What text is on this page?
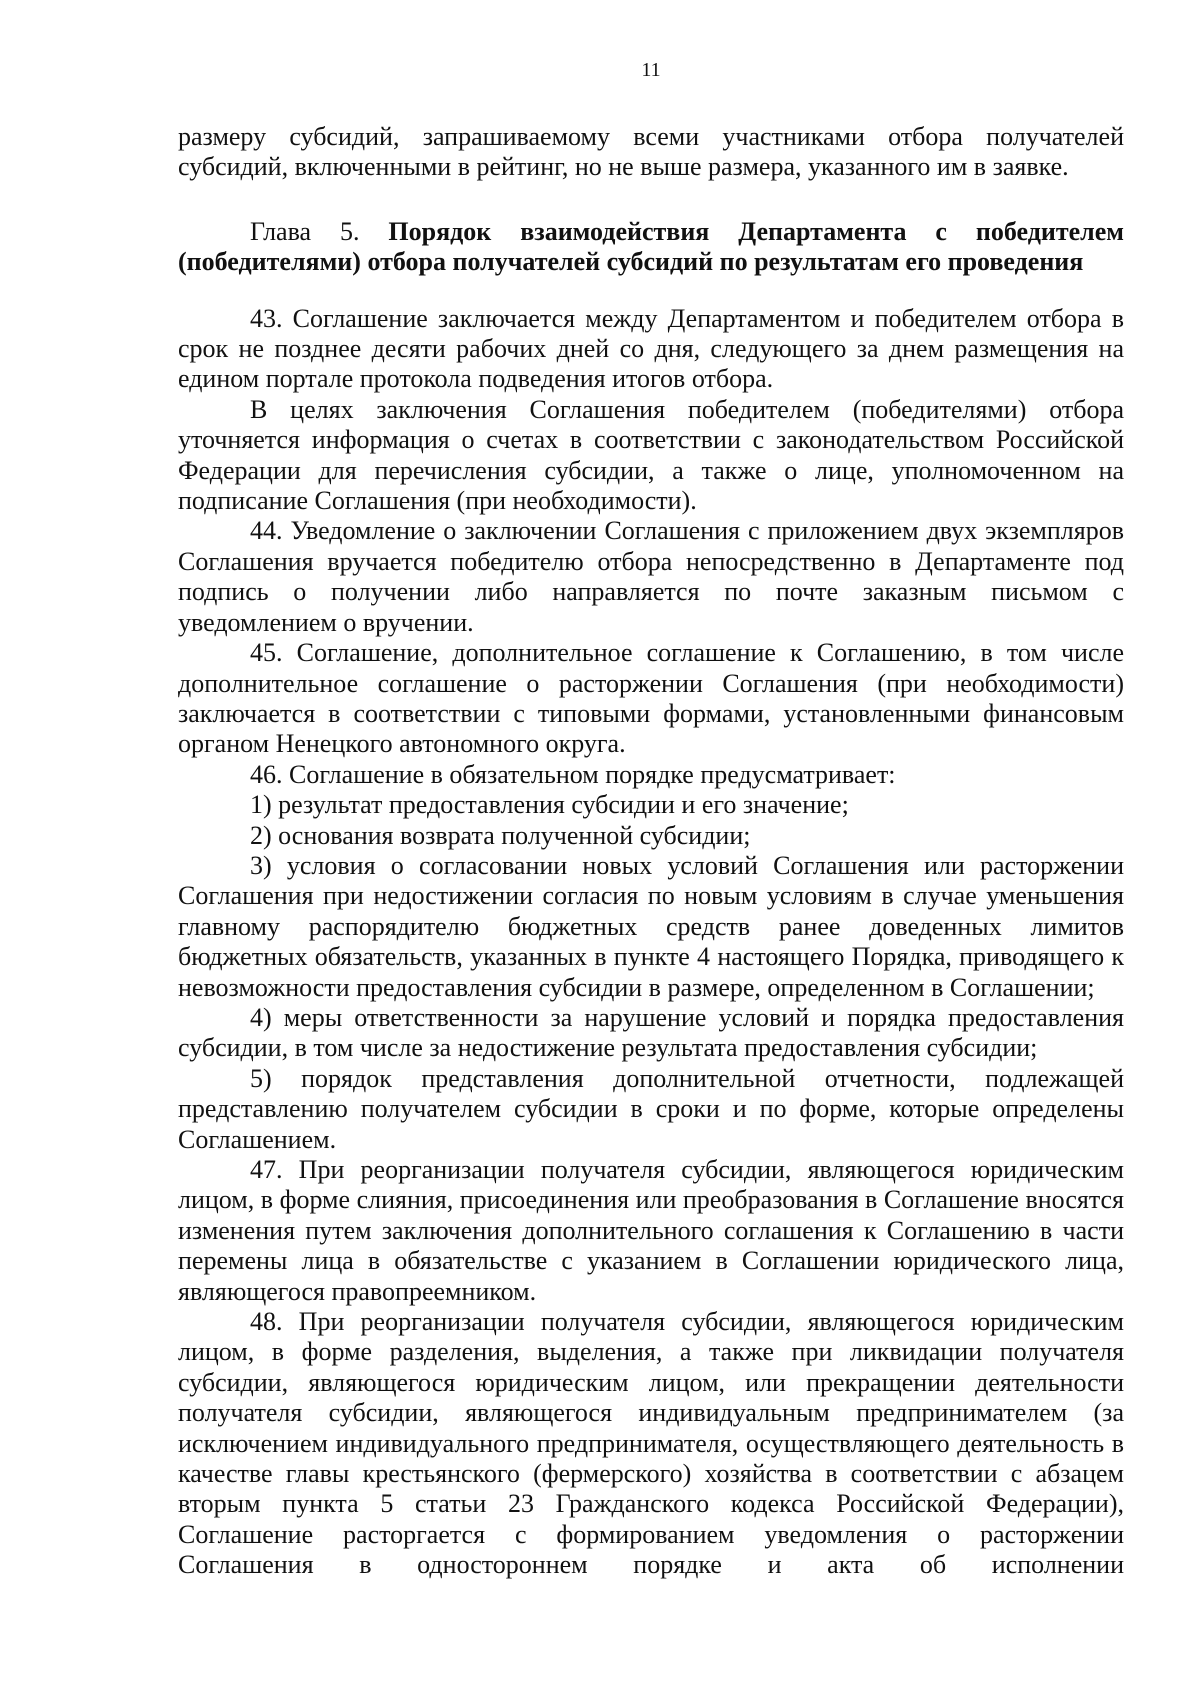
11

размеру субсидий, запрашиваемому всеми участниками отбора получателей субсидий, включенными в рейтинг, но не выше размера, указанного им в заявке.

Глава 5. Порядок взаимодействия Департамента с победителем (победителями) отбора получателей субсидий по результатам его проведения

43. Соглашение заключается между Департаментом и победителем отбора в срок не позднее десяти рабочих дней со дня, следующего за днем размещения на едином портале протокола подведения итогов отбора.

В целях заключения Соглашения победителем (победителями) отбора уточняется информация о счетах в соответствии с законодательством Российской Федерации для перечисления субсидии, а также о лице, уполномоченном на подписание Соглашения (при необходимости).

44. Уведомление о заключении Соглашения с приложением двух экземпляров Соглашения вручается победителю отбора непосредственно в Департаменте под подпись о получении либо направляется по почте заказным письмом с уведомлением о вручении.

45. Соглашение, дополнительное соглашение к Соглашению, в том числе дополнительное соглашение о расторжении Соглашения (при необходимости) заключается в соответствии с типовыми формами, установленными финансовым органом Ненецкого автономного округа.

46. Соглашение в обязательном порядке предусматривает:

1) результат предоставления субсидии и его значение;

2) основания возврата полученной субсидии;

3) условия о согласовании новых условий Соглашения или расторжении Соглашения при недостижении согласия по новым условиям в случае уменьшения главному распорядителю бюджетных средств ранее доведенных лимитов бюджетных обязательств, указанных в пункте 4 настоящего Порядка, приводящего к невозможности предоставления субсидии в размере, определенном в Соглашении;

4) меры ответственности за нарушение условий и порядка предоставления субсидии, в том числе за недостижение результата предоставления субсидии;

5) порядок представления дополнительной отчетности, подлежащей представлению получателем субсидии в сроки и по форме, которые определены Соглашением.

47. При реорганизации получателя субсидии, являющегося юридическим лицом, в форме слияния, присоединения или преобразования в Соглашение вносятся изменения путем заключения дополнительного соглашения к Соглашению в части перемены лица в обязательстве с указанием в Соглашении юридического лица, являющегося правопреемником.

48. При реорганизации получателя субсидии, являющегося юридическим лицом, в форме разделения, выделения, а также при ликвидации получателя субсидии, являющегося юридическим лицом, или прекращении деятельности получателя субсидии, являющегося индивидуальным предпринимателем (за исключением индивидуального предпринимателя, осуществляющего деятельность в качестве главы крестьянского (фермерского) хозяйства в соответствии с абзацем вторым пункта 5 статьи 23 Гражданского кодекса Российской Федерации), Соглашение расторгается с формированием уведомления о расторжении Соглашения в одностороннем порядке и акта об исполнении
